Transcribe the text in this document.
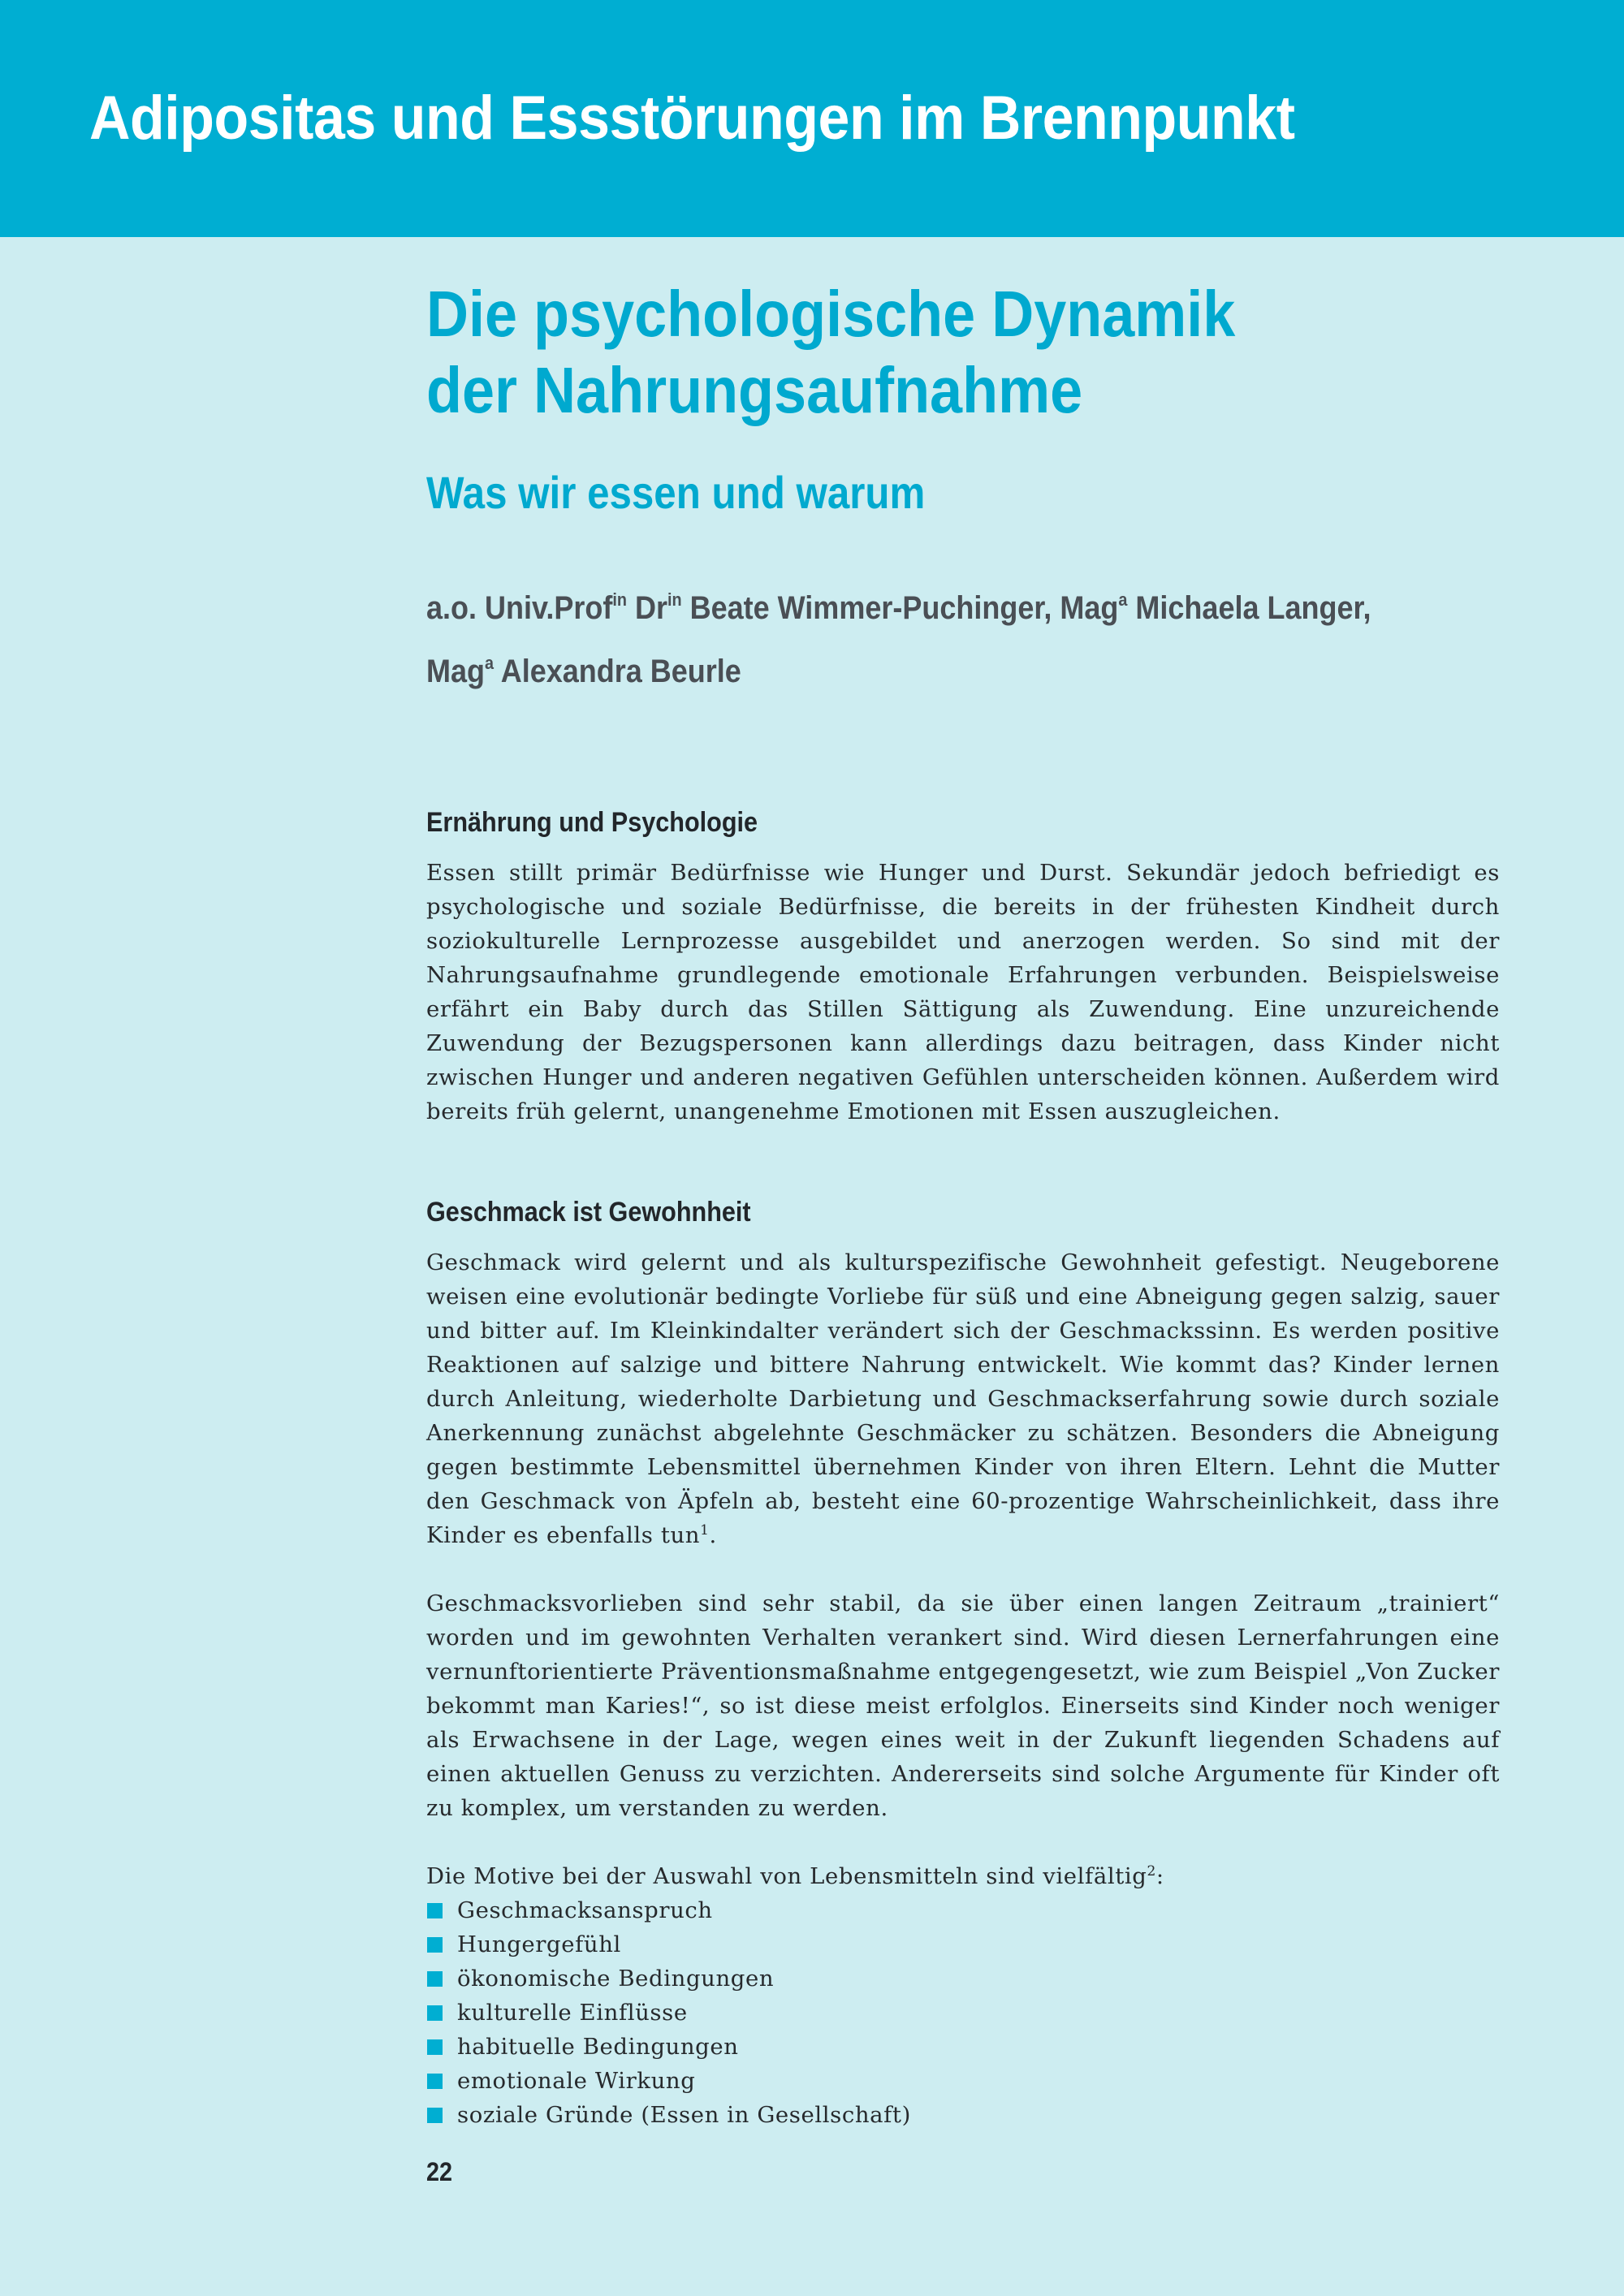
Adipositas und Essstörungen im Brennpunkt
Die psychologische Dynamik
der Nahrungsaufnahme
Was wir essen und warum

a.o. Univ.Prof$^{in}$ $Dr^{in}$ Beate Wimmer-Puchinger, Mag$^a$ Michaela Langer,
Mag$^a$ Alexandra Beurle

Ernährung und Psychologie

Essen stillt primär Bedürfnisse wie Hunger und Durst. Sekundär jedoch befriedigt es psychologische und soziale Bedürfnisse, die bereits in der frühesten Kindheit durch soziokulturelle Lernprozesse ausgebildet und anerzogen werden. So sind mit der Nahrungsaufnahme grundlegende emotionale Erfahrungen verbunden. Beispielsweise erfährt ein Baby durch das Stillen Sättigung als Zuwendung. Eine unzureichende Zuwendung der Bezugspersonen kann allerdings dazu beitragen, dass Kinder nicht zwischen Hunger und anderen negativen Gefühlen unterscheiden können. Außerdem wird bereits früh gelernt, unangenehme Emotionen mit Essen auszugleichen.

Geschmack ist Gewohnheit

Geschmack wird gelernt und als kulturspezifische Gewohnheit gefestigt. Neugeborene weisen eine evolutionär bedingte Vorliebe für süß und eine Abneigung gegen salzig, sauer und bitter auf. Im Kleinkindalter verändert sich der Geschmackssinn. Es werden positive Reaktionen auf salzige und bittere Nahrung entwickelt. Wie kommt das? Kinder lernen durch Anleitung, wiederholte Darbietung und Geschmackserfahrung sowie durch soziale Anerkennung zunächst abgelehnte Geschmäcker zu schätzen. Besonders die Abneigung gegen bestimmte Lebensmittel übernehmen Kinder von ihren Eltern. Lehnt die Mutter den Geschmack von Äpfeln ab, besteht eine 60-prozentige Wahrscheinlichkeit, dass ihre Kinder es ebenfalls tun$^1$.

Geschmacksvorlieben sind sehr stabil, da sie über einen langen Zeitraum „trainiert“ worden und im gewohnten Verhalten verankert sind. Wird diesen Lernerfahrungen eine vernunftorientierte Präventionsmaßnahme entgegengesetzt, wie zum Beispiel „Von Zucker bekommt man Karies!“, so ist diese meist erfolglos. Einerseits sind Kinder noch weniger als Erwachsene in der Lage, wegen eines weit in der Zukunft liegenden Schadens auf einen aktuellen Genuss zu verzichten. Andererseits sind solche Argumente für Kinder oft zu komplex, um verstanden zu werden.

Die Motive bei der Auswahl von Lebensmitteln sind vielfältig$^2$:

Geschmacksanspruch
Hungergefühl
ökonomische Bedingungen
kulturelle Einflüsse
habituelle Bedingungen
emotionale Wirkung
soziale Gründe (Essen in Gesellschaft)
22
